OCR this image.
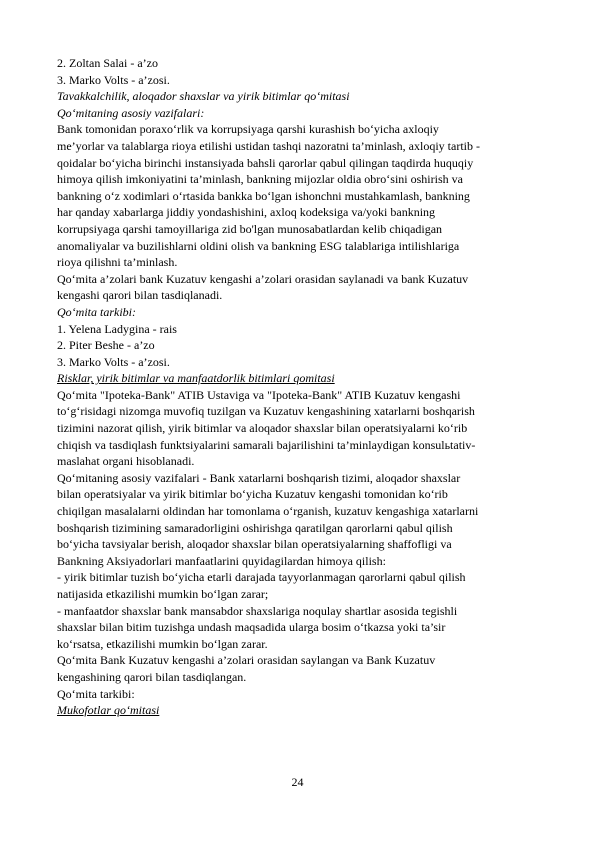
2. Zoltan Salai - a’zo

3. Marko Volts - a’zosi.

Tavakkalchilik, aloqador shaxslar va yirik bitimlar qo‘mitasi

Qo‘mitaning asosiy vazifalari:

Bank tomonidan poraxo‘rlik va korrupsiyaga qarshi kurashish bo‘yicha axloqiy

me’yorlar va talablarga rioya etilishi ustidan tashqi nazoratni ta’minlash, axloqiy tartib -

qoidalar bo‘yicha birinchi instansiyada bahsli qarorlar qabul qilingan taqdirda huquqiy

himoya qilish imkoniyatini ta’minlash, bankning mijozlar oldia obro‘sini oshirish va

bankning o‘z xodimlari o‘rtasida bankka bo‘lgan ishonchni mustahkamlash, bankning

har qanday xabarlarga jiddiy yondashishini, axloq kodeksiga va/yoki bankning

korrupsiyaga qarshi tamoyillariga zid bo'lgan munosabatlardan kelib chiqadigan

anomaliyalar va buzilishlarni oldini olish va bankning ESG talablariga intilishlariga

rioya qilishni ta’minlash.

Qo‘mita a’zolari bank Kuzatuv kengashi a’zolari orasidan saylanadi va bank Kuzatuv

kengashi qarori bilan tasdiqlanadi.

Qo‘mita tarkibi:

1. Yelena Ladygina - rais

2. Piter Beshe - a’zo

3. Marko Volts - a’zosi.

Risklar, yirik bitimlar va manfaatdorlik bitimlari qomitasi

Qo‘mita "Ipoteka-Bank" ATIB Ustaviga va "Ipoteka-Bank" ATIB Kuzatuv kengashi

to‘g‘risidagi nizomga muvofiq tuzilgan va Kuzatuv kengashining xatarlarni boshqarish

tizimini nazorat qilish, yirik bitimlar va aloqador shaxslar bilan operatsiyalarni ko‘rib

chiqish va tasdiqlash funktsiyalarini samarali bajarilishini ta’minlaydigan konsulьtativ-

maslahat organi hisoblanadi.

Qo‘mitaning asosiy vazifalari - Bank xatarlarni boshqarish tizimi, aloqador shaxslar

bilan operatsiyalar va yirik bitimlar bo‘yicha Kuzatuv kengashi tomonidan ko‘rib

chiqilgan masalalarni oldindan har tomonlama o‘rganish, kuzatuv kengashiga xatarlarni

boshqarish tizimining samaradorligini oshirishga qaratilgan qarorlarni qabul qilish

bo‘yicha tavsiyalar berish, aloqador shaxslar bilan operatsiyalarning shaffofligi va

Bankning Aksiyadorlari manfaatlarini quyidagilardan himoya qilish:

- yirik bitimlar tuzish bo‘yicha etarli darajada tayyorlanmagan qarorlarni qabul qilish

natijasida etkazilishi mumkin bo‘lgan zarar;

- manfaatdor shaxslar bank mansabdor shaxslariga noqulay shartlar asosida tegishli

shaxslar bilan bitim tuzishga undash maqsadida ularga bosim o‘tkazsa yoki ta’sir

ko‘rsatsa, etkazilishi mumkin bo‘lgan zarar.

Qo‘mita Bank Kuzatuv kengashi a’zolari orasidan saylangan va Bank Kuzatuv

kengashining qarori bilan tasdiqlangan.

Qo‘mita tarkibi:

Mukofotlar qo‘mitasi

24
